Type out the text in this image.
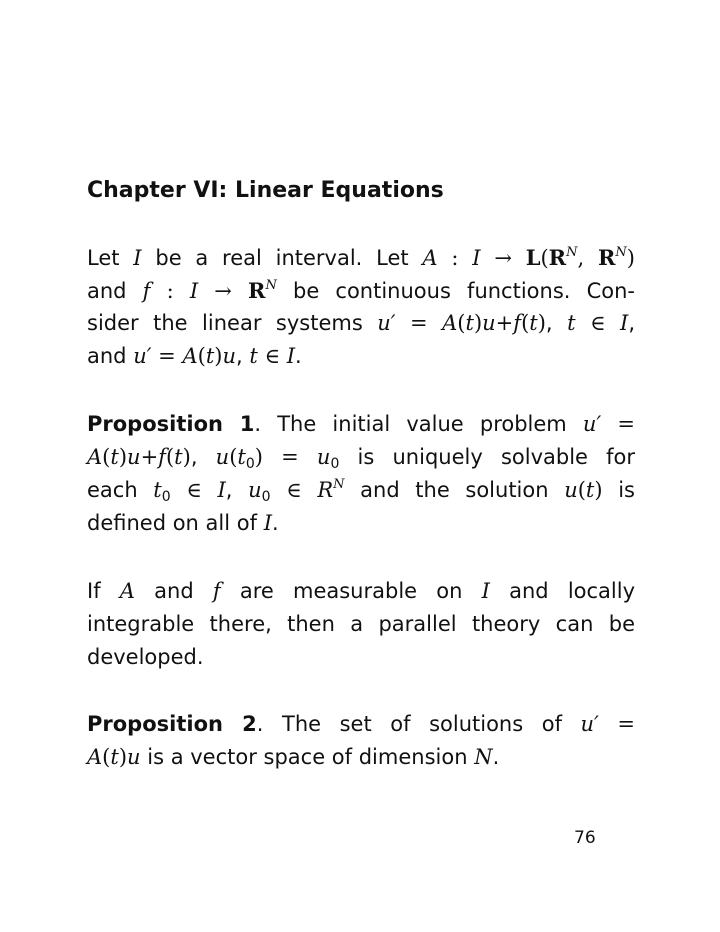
Chapter VI: Linear Equations
Let I be a real interval. Let A : $I \to L(R^N$, $R^N$)
and f : $I \to R^N$ be continuous functions. Con-
sider the linear systems u′ = A(t)u+f(t), t ∈ I,
and u′ = A(t)u, t ∈ I.
Proposition 1. The initial value problem u′ =
A(t)u+f(t), $u(t_0) = u_0$ is uniquely solvable for
each $t_0$ ∈ I, $u_0$ ∈ $R^N$ and the solution u(t) is
defined on all of I.
If A and f are measurable on I and locally
integrable there, then a parallel theory can be
developed.
Proposition 2. The set of solutions of u′ =
A(t)u is a vector space of dimension N.
76
